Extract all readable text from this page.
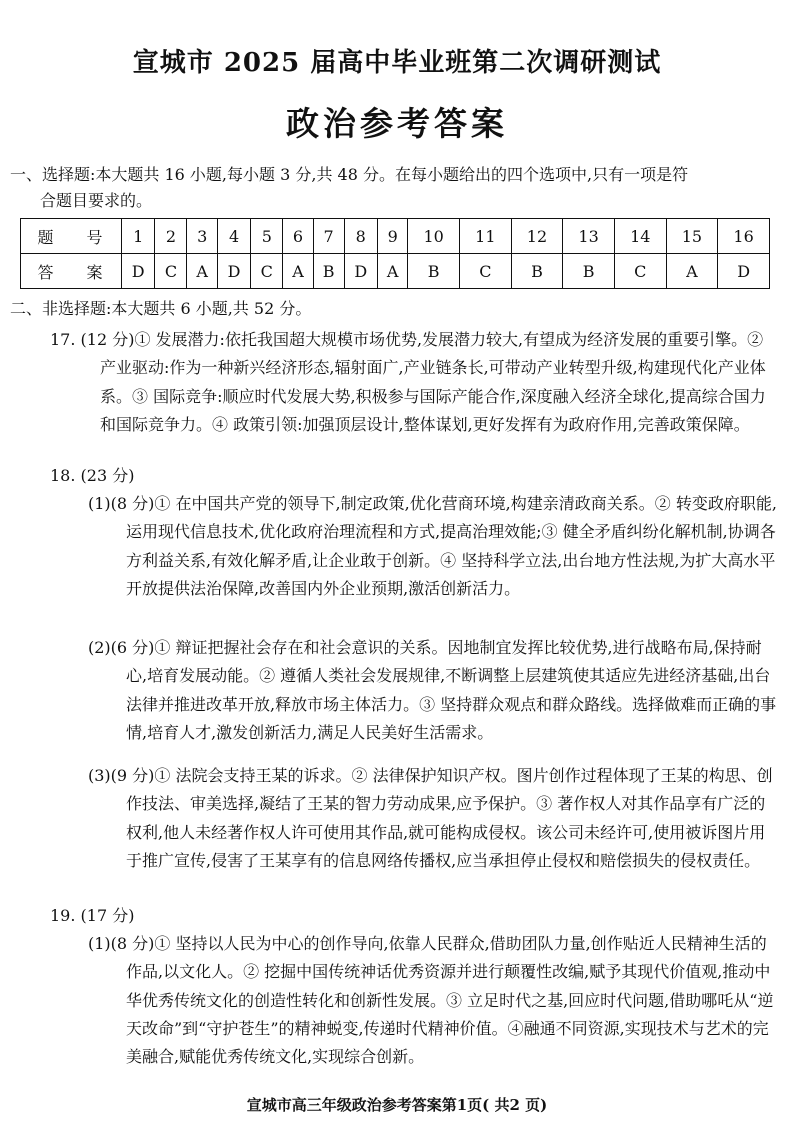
宣城市 2025 届高中毕业班第二次调研测试
政治参考答案
一、选择题:本大题共 16 小题,每小题 3 分,共 48 分。在每小题给出的四个选项中,只有一项是符
合题目要求的。
题 号	1	2	3	4	5	6	7	8	9	10	11	12	13	14	15	16
答 案	D	C	A	D	C	A	B	D	A	B	C	B	B	C	A	D
二、非选择题:本大题共 6 小题,共 52 分。
17. (12 分)① 发展潜力:依托我国超大规模市场优势,发展潜力较大,有望成为经济发展的重要引擎。② 产业驱动:作为一种新兴经济形态,辐射面广,产业链条长,可带动产业转型升级,构建现代化产业体系。③ 国际竞争:顺应时代发展大势,积极参与国际产能合作,深度融入经济全球化,提高综合国力和国际竞争力。④ 政策引领:加强顶层设计,整体谋划,更好发挥有为政府作用,完善政策保障。
18. (23 分)
(1)(8 分)① 在中国共产党的领导下,制定政策,优化营商环境,构建亲清政商关系。② 转变政府职能,运用现代信息技术,优化政府治理流程和方式,提高治理效能;③ 健全矛盾纠纷化解机制,协调各方利益关系,有效化解矛盾,让企业敢于创新。④ 坚持科学立法,出台地方性法规,为扩大高水平开放提供法治保障,改善国内外企业预期,激活创新活力。
(2)(6 分)① 辩证把握社会存在和社会意识的关系。因地制宜发挥比较优势,进行战略布局,保持耐心,培育发展动能。② 遵循人类社会发展规律,不断调整上层建筑使其适应先进经济基础,出台法律并推进改革开放,释放市场主体活力。③ 坚持群众观点和群众路线。选择做难而正确的事情,培育人才,激发创新活力,满足人民美好生活需求。
(3)(9 分)① 法院会支持王某的诉求。② 法律保护知识产权。图片创作过程体现了王某的构思、创作技法、审美选择,凝结了王某的智力劳动成果,应予保护。③ 著作权人对其作品享有广泛的权利,他人未经著作权人许可使用其作品,就可能构成侵权。该公司未经许可,使用被诉图片用于推广宣传,侵害了王某享有的信息网络传播权,应当承担停止侵权和赔偿损失的侵权责任。
19. (17 分)
(1)(8 分)① 坚持以人民为中心的创作导向,依靠人民群众,借助团队力量,创作贴近人民精神生活的作品,以文化人。② 挖掘中国传统神话优秀资源并进行颠覆性改编,赋予其现代价值观,推动中华优秀传统文化的创造性转化和创新性发展。③ 立足时代之基,回应时代问题,借助哪吒从“逆天改命”到“守护苍生”的精神蜕变,传递时代精神价值。④融通不同资源,实现技术与艺术的完美融合,赋能优秀传统文化,实现综合创新。
宣城市高三年级政治参考答案第1页( 共2 页)
